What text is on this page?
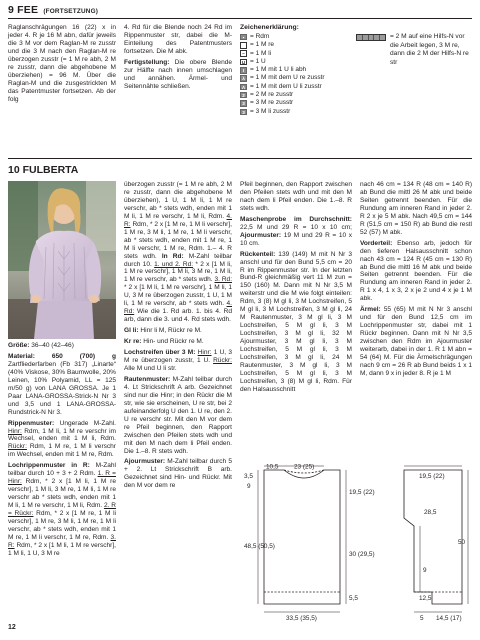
9 FEE (FORTSETZUNG)

Raglanschrägungen 16 (22) x in jeder 4. R je 16 M abn, dafür jeweils die 3 M vor dem Raglan-M re zusstr und die 3 M nach den Raglan-M re überzogen zusstr (= 1 M re abh, 2 M re zusstr, dann die abgehobene M überziehen) = 96 M. Über die Raglan-M und die zusgestrickten M das Patentmuster fortsetzen. Ab der folg

4. Rd für die Blende noch 24 Rd im Rippenmuster str, dabei die M-Einteilung des Patentmusters fortsetzen. Die M abk.

Fertigstellung: Die obere Blende zur Hälfte nach innen umschlagen und annähen. Ärmel- und Seitennähte schließen.

Zeichenerklärung:
▪ = Rdm
= 1 M re
− = 1 M li
U = 1 U
I = 1 M mit 1 U li abh
λ = 1 M mit dem U re zusstr
Λ = 1 M mit dem U li zusstr
2 = 2 M re zusstr
3 = 3 M re zusstr
3 = 3 M li zusstr
= 2 M auf eine Hilfs-N vor die Arbeit legen, 3 M re, dann die 2 M der Hilfs-N re str
10 FULBERTA

Größe: 36–40 (42–46)

Material: 650 (700) g Zartfliederfarben (Fb 317) „Linarte“ (40% Viskose, 30% Baumwolle, 20% Leinen, 10% Polyamid, LL = 125 m/50 g) von LANA GROSSA. Je 1 Paar LANA-GROSSA-Strick-N Nr 3 und 3,5 und 1 LANA-GROSSA-Rundstrick-N Nr 3.

Rippenmuster: Ungerade M-Zahl. Hinr: Rdm, 1 M li, 1 M re verschr im Wechsel, enden mit 1 M li, Rdm. Rückr: Rdm, 1 M re, 1 M li verschr im Wechsel, enden mit 1 M re, Rdm.

Lochrippenmuster in R: M-Zahl teilbar durch 10 + 3 + 2 Rdm. 1. R = Hinr: Rdm, * 2 x [1 M li, 1 M re verschr], 1 M li, 3 M re, 1 M li, 1 M re verschr ab * stets wdh, enden mit 1 M li, 1 M re verschr, 1 M li, Rdm. 2. R = Rückr: Rdm, * 2 x [1 M re, 1 M li verschr], 1 M re, 3 M li, 1 M re, 1 M li verschr, ab * stets wdh, enden mit 1 M re, 1 M li verschr, 1 M re, Rdm. 3. R: Rdm, * 2 x [1 M li, 1 M re verschr], 1 M li, 1 U, 3 M re

überzogen zusstr (= 1 M re abh, 2 M re zusstr, dann die abgehobene M überziehen), 1 U, 1 M li, 1 M re verschr, ab * stets wdh, enden mit 1 M li, 1 M re verschr, 1 M li, Rdm. 4. R: Rdm, * 2 x [1 M re, 1 M li verschr], 1 M re, 3 M li, 1 M re, 1 M li verschr, ab * stets wdh, enden mit 1 M re, 1 M li verschr, 1 M re, Rdm. 1.– 4. R stets wdh. In Rd: M-Zahl teilbar durch 10. 1. und 2. Rd: * 2 x [1 M li, 1 M re verschr], 1 M li, 3 M re, 1 M li, 1 M re verschr, ab * stets wdh. 3. Rd: * 2 x [1 M li, 1 M re verschr], 1 M li, 1 U, 3 M re überzogen zusstr, 1 U, 1 M li, 1 M re verschr, ab * stets wdh. 4. Rd: Wie die 1. Rd arb. 1. bis 4. Rd arb, dann die 3. und 4. Rd stets wdh.

Gl li: Hinr li M, Rückr re M.

Kr re: Hin- und Rückr re M.

Lochstreifen über 3 M: Hinr: 1 U, 3 M re überzogen zusstr, 1 U. Rückr: Alle M und U li str.

Rautenmuster: M-Zahl teilbar durch 4. Lt Strickschrift A arb. Gezeichnet sind nur die Hinr; in den Rückr die M str, wie sie erscheinen, U re str, bei 2 aufeinanderfolg U den 1. U re, den 2. U re verschr str. Mit den M vor dem re Pfeil beginnen, den Rapport zwischen den Pfeilen stets wdh und mit den M nach dem li Pfeil enden. Die 1.–8. R stets wdh.

Ajourmuster: M-Zahl teilbar durch 5 + 2. Lt Strickschrift B arb. Gezeichnet sind Hin- und Rückr. Mit den M vor dem re

Pfeil beginnen, den Rapport zwischen den Pfeilen stets wdh und mit den M nach dem li Pfeil enden. Die 1.–8. R stets wdh.

Maschenprobe im Durchschnitt: 22,5 M und 29 R = 10 x 10 cm; Ajourmuster: 19 M und 29 R = 10 x 10 cm.

Rückenteil: 139 (149) M mit N Nr 3 anschl und für den Bund 5,5 cm = 20 R im Rippenmuster str. In der letzten Bund-R gleichmäßig vert 11 M zun = 150 (160) M. Dann mit N Nr 3,5 M weiterstr und die M wie folgt einteilen: Rdm, 3 (8) M gl li, 3 M Lochstreifen, 5 M gl li, 3 M Lochstreifen, 3 M gl li, 24 M Rautenmuster, 3 M gl li, 3 M Lochstreifen, 5 M gl li, 3 M Lochstreifen, 3 M gl li, 32 M Ajourmuster, 3 M gl li, 3 M Lochstreifen, 5 M gl li, 3 M Lochstreifen, 3 M gl li, 24 M Rautenmuster, 3 M gl li, 3 M Lochstreifen, 5 M gl li, 3 M Lochstreifen, 3 (8) M gl li, Rdm. Für den Halsausschnitt

nach 46 cm = 134 R (48 cm = 140 R) ab Bund die mittl 26 M abk und beide Seiten getrennt beenden. Für die Rundung am inneren Rand in jeder 2. R 2 x je 5 M abk. Nach 49,5 cm = 144 R (51,5 cm = 150 R) ab Bund die restl 52 (57) M abk.

Vorderteil: Ebenso arb, jedoch für den tieferen Halsausschnitt schon nach 43 cm = 124 R (45 cm = 130 R) ab Bund die mittl 16 M abk und beide Seiten getrennt beenden. Für die Rundung am inneren Rand in jeder 2. R 1 x 4, 1 x 3, 2 x je 2 und 4 x je 1 M abk.

Ärmel: 55 (65) M mit N Nr 3 anschl und für den Bund 12,5 cm im Lochrippenmuster str, dabei mit 1 Rückr beginnen. Dann mit N Nr 3,5 zwischen den Rdm im Ajourmuster weiterarb, dabei in der 1. R 1 M abn = 54 (64) M. Für die Ärmelschrägungen nach 9 cm = 26 R ab Bund beids 1 x 1 M, dann 9 x in jeder 8. R je 1 M

10,5 23 (25)
3,5
9
19,5 (22)
48,5 (50,5)
30 (29,5)
5,5
33,5 (35,5)
19,5 (22)
28,5
50
9
12,5
5 14,5 (17)
12
